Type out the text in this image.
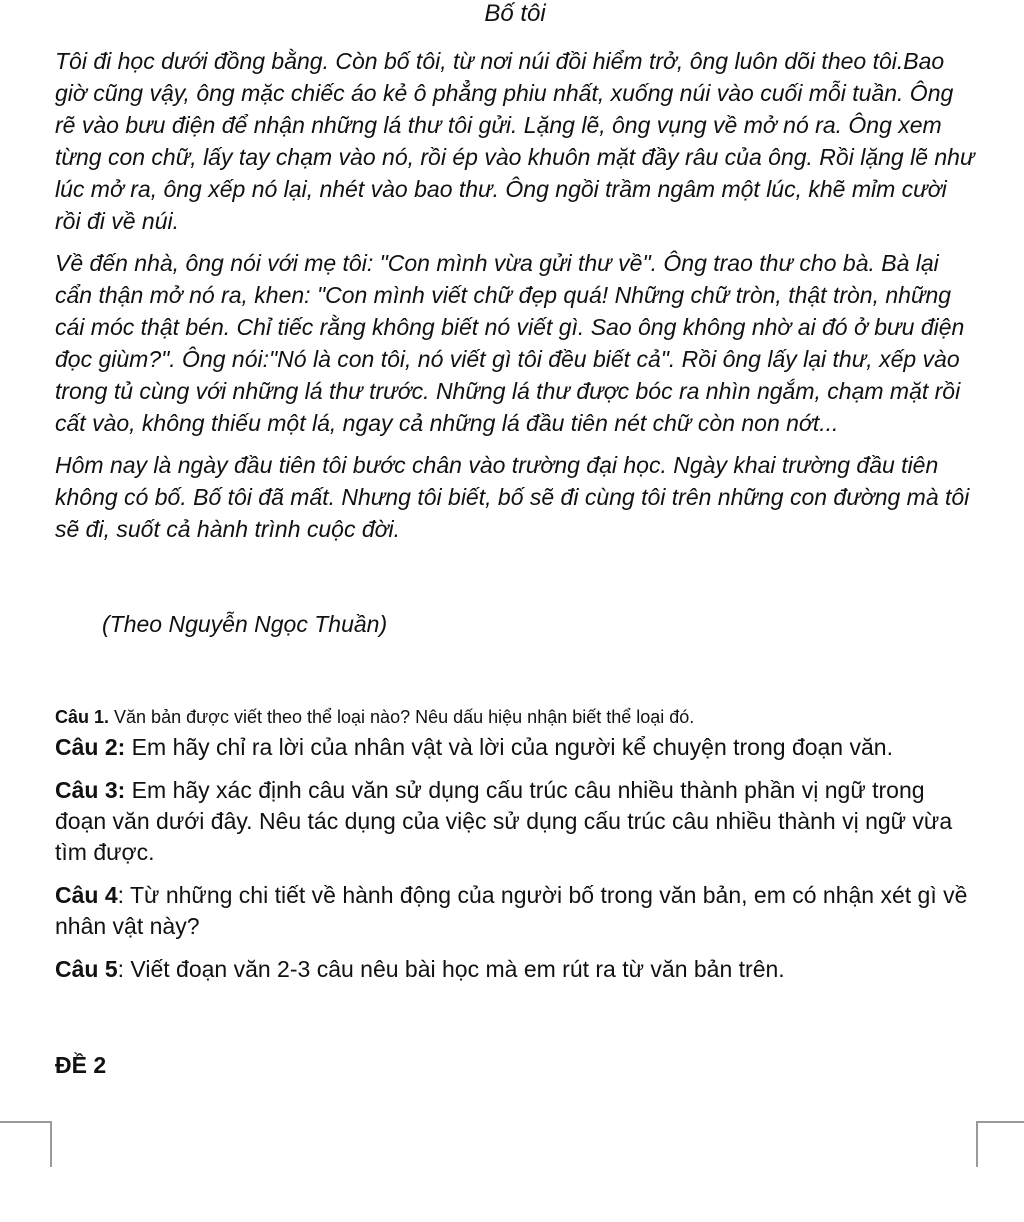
Bố tôi

Tôi đi học dưới đồng bằng. Còn bố tôi, từ nơi núi đồi hiểm trở, ông luôn dõi theo tôi.Bao giờ cũng vậy, ông mặc chiếc áo kẻ ô phẳng phiu nhất, xuống núi vào cuối mỗi tuần. Ông rẽ vào bưu điện để nhận những lá thư tôi gửi. Lặng lẽ, ông vụng về mở nó ra. Ông xem từng con chữ, lấy tay chạm vào nó, rồi ép vào khuôn mặt đầy râu của ông. Rồi lặng lẽ như lúc mở ra, ông xếp nó lại, nhét vào bao thư. Ông ngồi trầm ngâm một lúc, khẽ mỉm cười rồi đi về núi.

Về đến nhà, ông nói với mẹ tôi: "Con mình vừa gửi thư về". Ông trao thư cho bà. Bà lại cẩn thận mở nó ra, khen: "Con mình viết chữ đẹp quá! Những chữ tròn, thật tròn, những cái móc thật bén. Chỉ tiếc rằng không biết nó viết gì. Sao ông không nhờ ai đó ở bưu điện đọc giùm?". Ông nói:"Nó là con tôi, nó viết gì tôi đều biết cả". Rồi ông lấy lại thư, xếp vào trong tủ cùng với những lá thư trước. Những lá thư được bóc ra nhìn ngắm, chạm mặt rồi cất vào, không thiếu một lá, ngay cả những lá đầu tiên nét chữ còn non nớt...

Hôm nay là ngày đầu tiên tôi bước chân vào trường đại học. Ngày khai trường đầu tiên không có bố. Bố tôi đã mất. Nhưng tôi biết, bố sẽ đi cùng tôi trên những con đường mà tôi sẽ đi, suốt cả hành trình cuộc đời.

(Theo Nguyễn Ngọc Thuần)
Câu 1. Văn bản được viết theo thể loại nào? Nêu dấu hiệu nhận biết thể loại đó.
Câu 2: Em hãy chỉ ra lời của nhân vật và lời của người kể chuyện trong đoạn văn.
Câu 3: Em hãy xác định câu văn sử dụng cấu trúc câu nhiều thành phần vị ngữ trong đoạn văn dưới đây. Nêu tác dụng của việc sử dụng cấu trúc câu nhiều thành vị ngữ vừa tìm được.
Câu 4: Từ những chi tiết về hành động của người bố trong văn bản, em có nhận xét gì về nhân vật này?
Câu 5: Viết đoạn văn 2-3 câu nêu bài học mà em rút ra từ văn bản trên.
ĐỀ 2
